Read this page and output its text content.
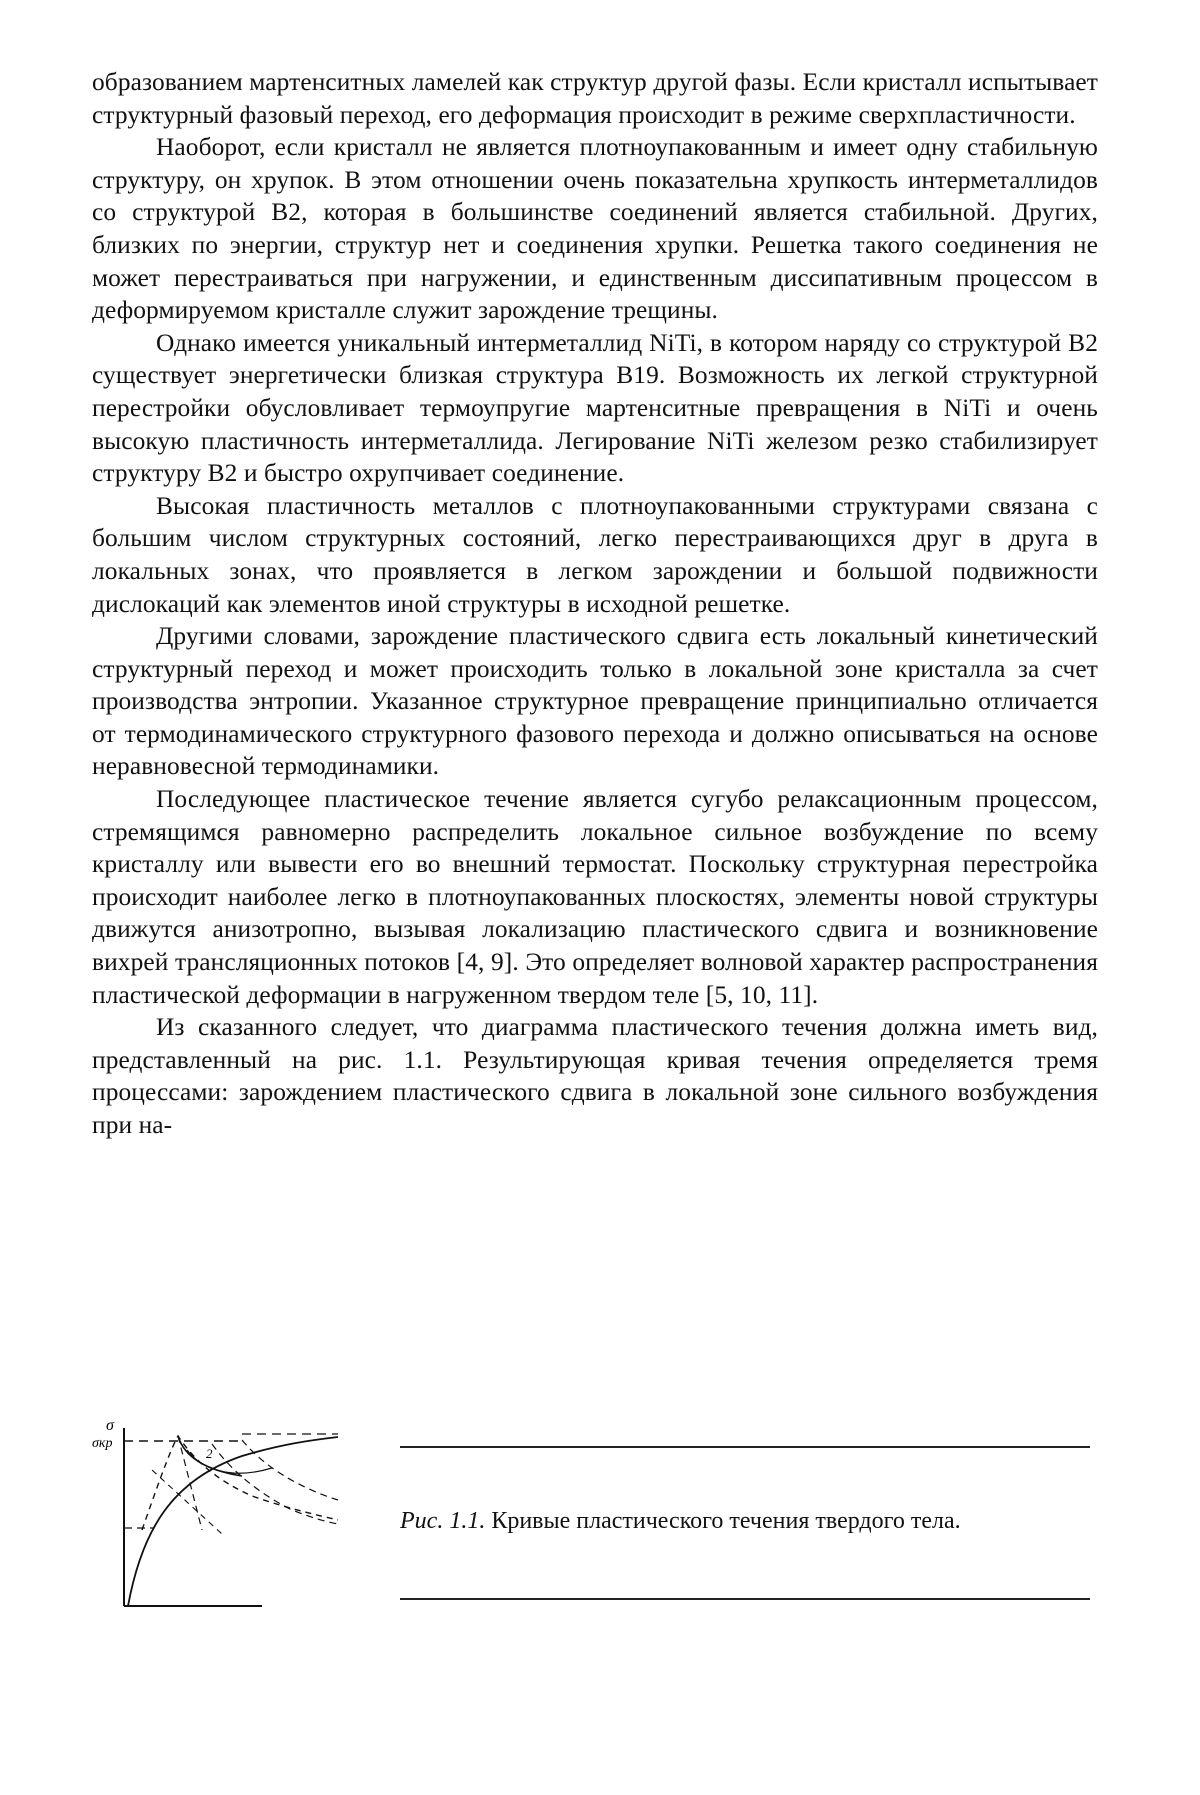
образованием мартенситных ламелей как структур другой фазы. Если кристалл испытывает структурный фазовый переход, его деформация происходит в режиме сверхпластичности.

Наоборот, если кристалл не является плотноупакованным и имеет одну стабильную структуру, он хрупок. В этом отношении очень показательна хрупкость интерметаллидов со структурой В2, которая в большинстве соединений является стабильной. Других, близких по энергии, структур нет и соединения хрупки. Решетка такого соединения не может перестраиваться при нагружении, и единственным диссипативным процессом в деформируемом кристалле служит зарождение трещины.

Однако имеется уникальный интерметаллид NiTi, в котором наряду со структурой В2 существует энергетически близкая структура В19. Возможность их легкой структурной перестройки обусловливает термоупругие мартенситные превращения в NiTi и очень высокую пластичность интерметаллида. Легирование NiTi железом резко стабилизирует структуру В2 и быстро охрупчивает соединение.

Высокая пластичность металлов с плотноупакованными структурами связана с большим числом структурных состояний, легко перестраивающихся друг в друга в локальных зонах, что проявляется в легком зарождении и большой подвижности дислокаций как элементов иной структуры в исходной решетке.

Другими словами, зарождение пластического сдвига есть локальный кинетический структурный переход и может происходить только в локальной зоне кристалла за счет производства энтропии. Указанное структурное превращение принципиально отличается от термодинамического структурного фазового перехода и должно описываться на основе неравновесной термодинамики.

Последующее пластическое течение является сугубо релаксационным процессом, стремящимся равномерно распределить локальное сильное возбуждение по всему кристаллу или вывести его во внешний термостат. Поскольку структурная перестройка происходит наиболее легко в плотноупакованных плоскостях, элементы новой структуры движутся анизотропно, вызывая локализацию пластического сдвига и возникновение вихрей трансляционных потоков [4, 9]. Это определяет волновой характер распространения пластической деформации в нагруженном твердом теле [5, 10, 11].

Из сказанного следует, что диаграмма пластического течения должна иметь вид, представленный на рис. 1.1. Результирующая кривая течения определяется тремя процессами: зарождением пластического сдвига в локальной зоне сильного возбуждения при на-

σ
σкр
2
Рис. 1.1. Кривые пластического течения твердого тела.
